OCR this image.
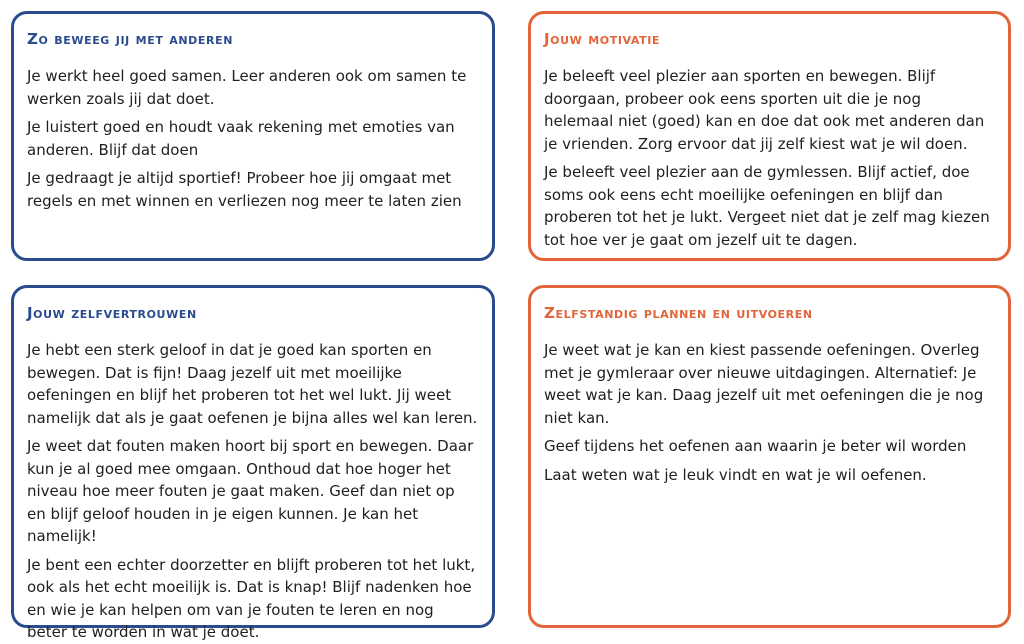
Zo beweeg jij met anderen

Je werkt heel goed samen. Leer anderen ook om samen te werken zoals jij dat doet.

Je luistert goed en houdt vaak rekening met emoties van anderen. Blijf dat doen

Je gedraagt je altijd sportief! Probeer hoe jij omgaat met regels en met winnen en verliezen nog meer te laten zien

Jouw motivatie

Je beleeft veel plezier aan sporten en bewegen. Blijf doorgaan, probeer ook eens sporten uit die je nog helemaal niet (goed) kan en doe dat ook met anderen dan je vrienden. Zorg ervoor dat jij zelf kiest wat je wil doen.

Je beleeft veel plezier aan de gymlessen. Blijf actief, doe soms ook eens echt moeilijke oefeningen en blijf dan proberen tot het je lukt. Vergeet niet dat je zelf mag kiezen tot hoe ver je gaat om jezelf uit te dagen.

Jouw zelfvertrouwen

Je hebt een sterk geloof in dat je goed kan sporten en bewegen. Dat is fijn! Daag jezelf uit met moeilijke oefeningen en blijf het proberen tot het wel lukt. Jij weet namelijk dat als je gaat oefenen je bijna alles wel kan leren.

Je weet dat fouten maken hoort bij sport en bewegen. Daar kun je al goed mee omgaan. Onthoud dat hoe hoger het niveau hoe meer fouten je gaat maken. Geef dan niet op en blijf geloof houden in je eigen kunnen. Je kan het namelijk!

Je bent een echter doorzetter en blijft proberen tot het lukt, ook als het echt moeilijk is. Dat is knap! Blijf nadenken hoe en wie je kan helpen om van je fouten te leren en nog beter te worden in wat je doet.

Zelfstandig plannen en uitvoeren

Je weet wat je kan en kiest passende oefeningen. Overleg met je gymleraar over nieuwe uitdagingen. Alternatief: Je weet wat je kan. Daag jezelf uit met oefeningen die je nog niet kan.

Geef tijdens het oefenen aan waarin je beter wil worden

Laat weten wat je leuk vindt en wat je wil oefenen.
